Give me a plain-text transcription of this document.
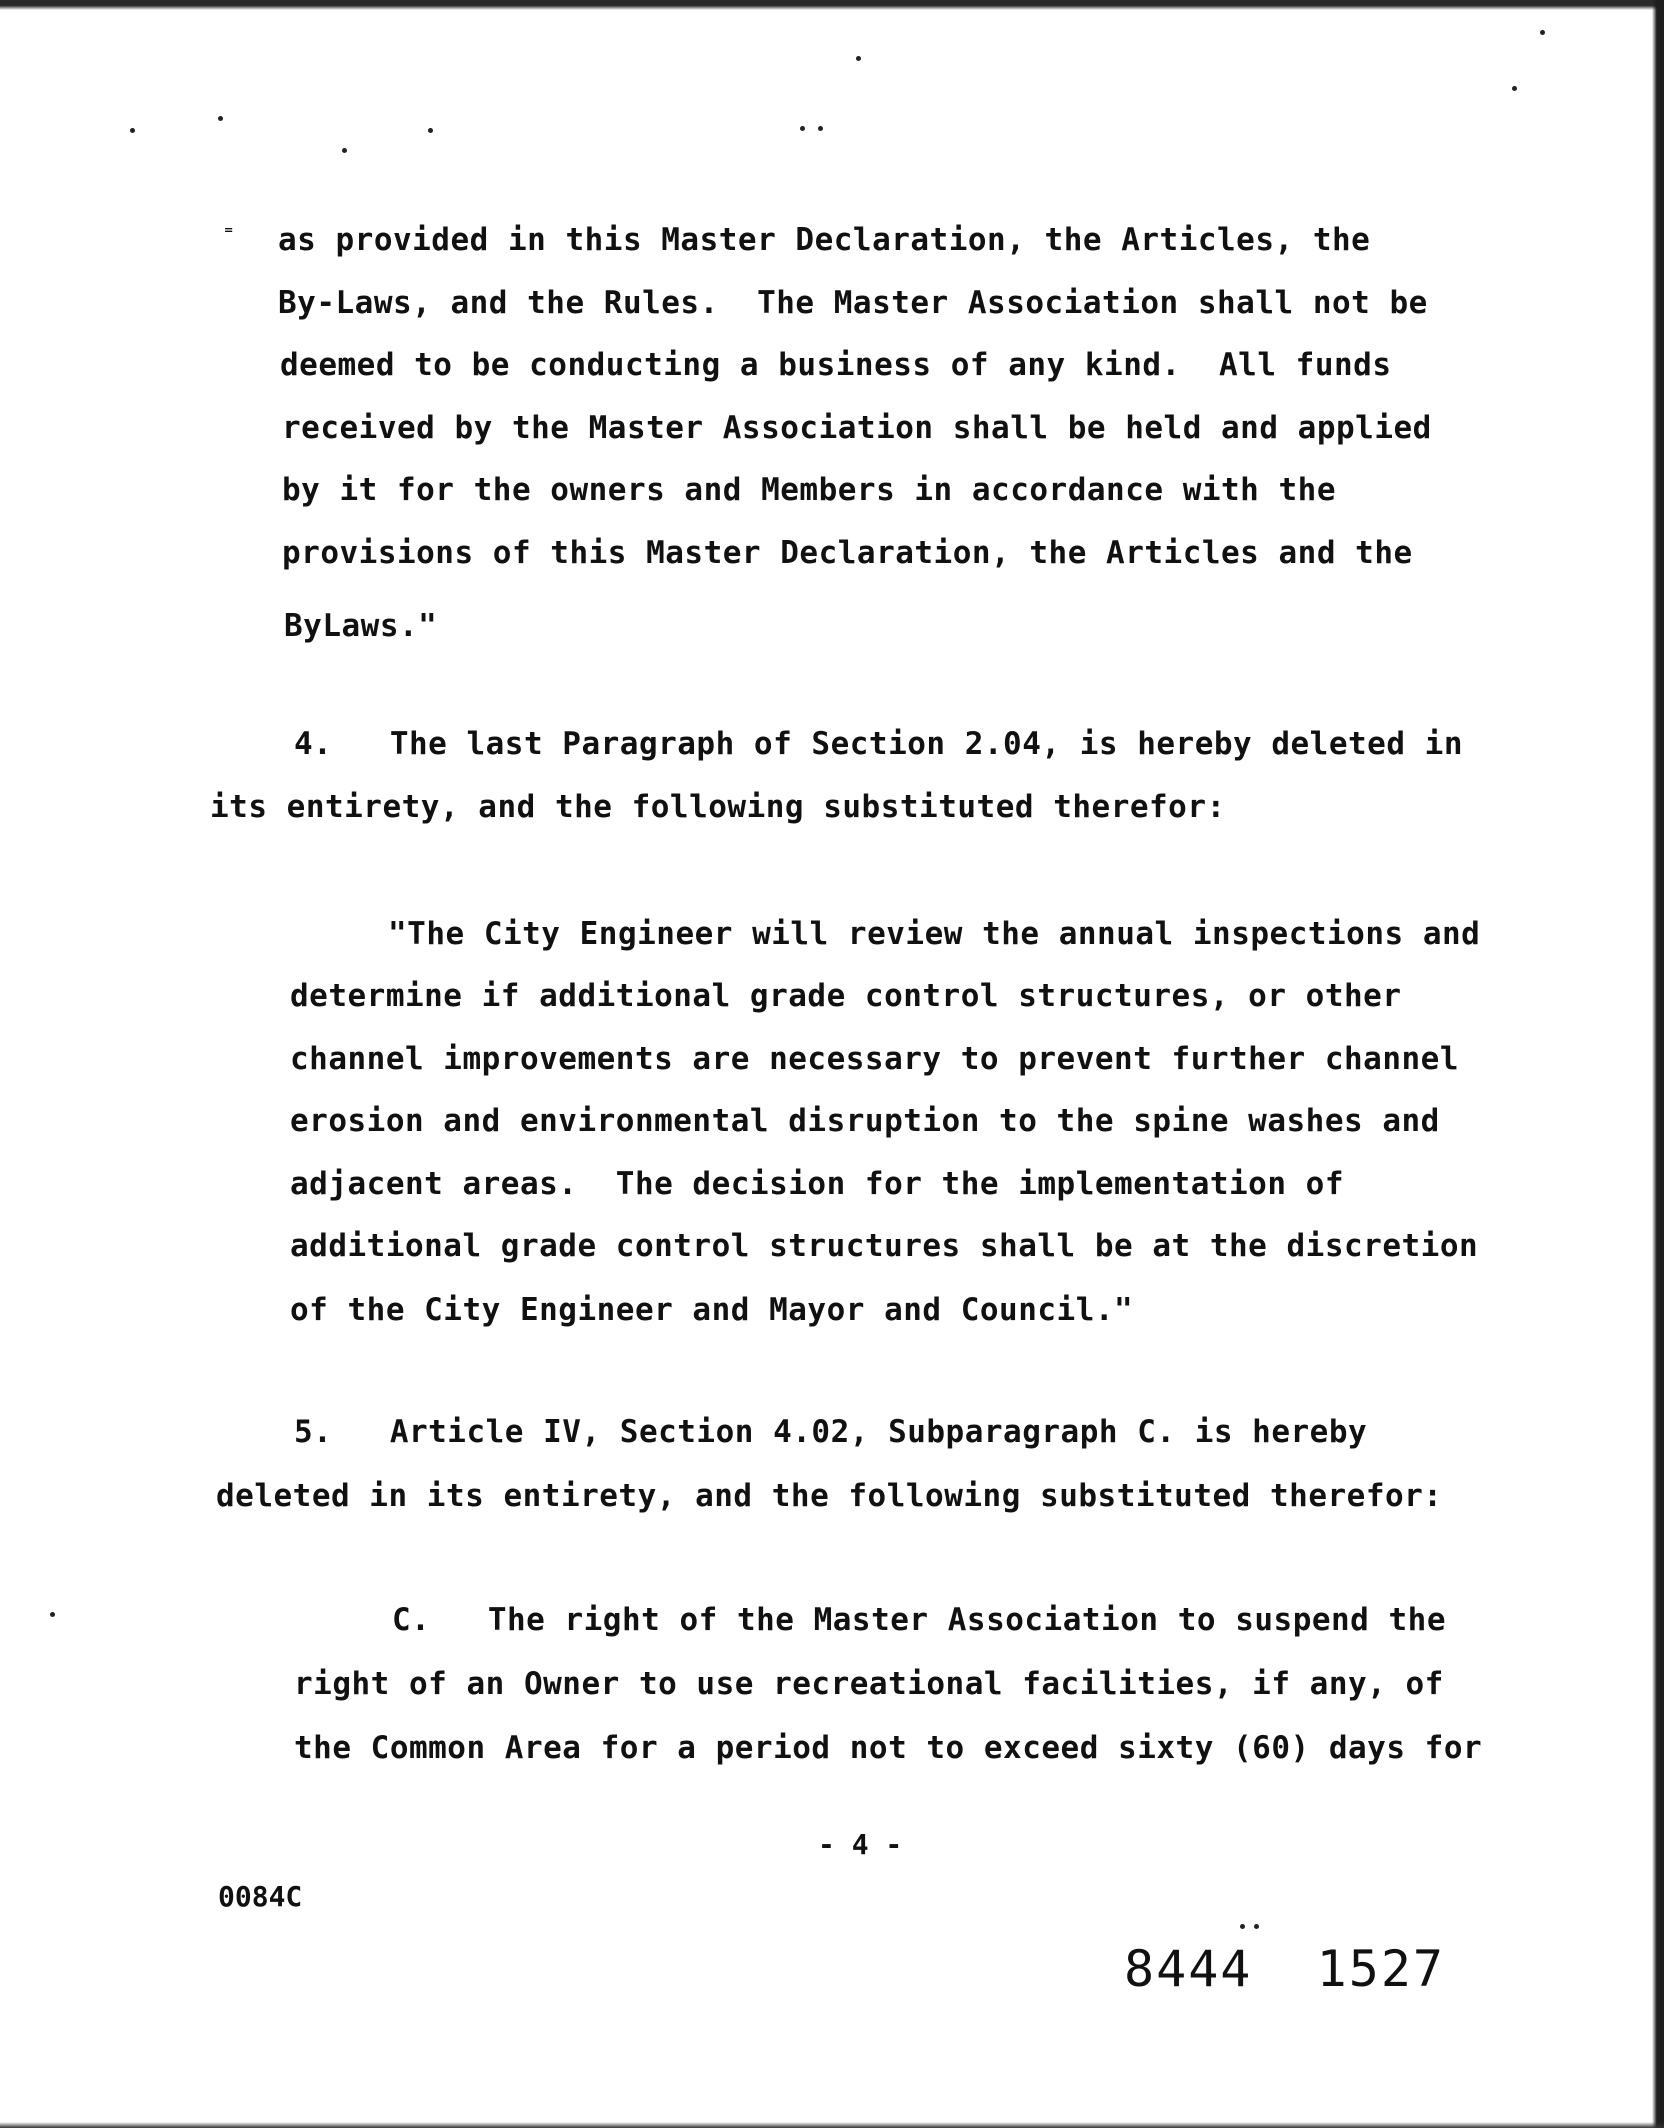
⁼ as provided in this Master Declaration, the Articles, the
By-Laws, and the Rules.  The Master Association shall not be
deemed to be conducting a business of any kind.  All funds
received by the Master Association shall be held and applied
by it for the owners and Members in accordance with the
provisions of this Master Declaration, the Articles and the
ByLaws."
4.   The last Paragraph of Section 2.04, is hereby deleted in
its entirety, and the following substituted therefor:
"The City Engineer will review the annual inspections and
determine if additional grade control structures, or other
channel improvements are necessary to prevent further channel
erosion and environmental disruption to the spine washes and
adjacent areas.  The decision for the implementation of
additional grade control structures shall be at the discretion
of the City Engineer and Mayor and Council."
5.   Article IV, Section 4.02, Subparagraph C. is hereby
deleted in its entirety, and the following substituted therefor:
C.   The right of the Master Association to suspend the
right of an Owner to use recreational facilities, if any, of
the Common Area for a period not to exceed sixty (60) days for
- 4 -
0084C
8444  1527
